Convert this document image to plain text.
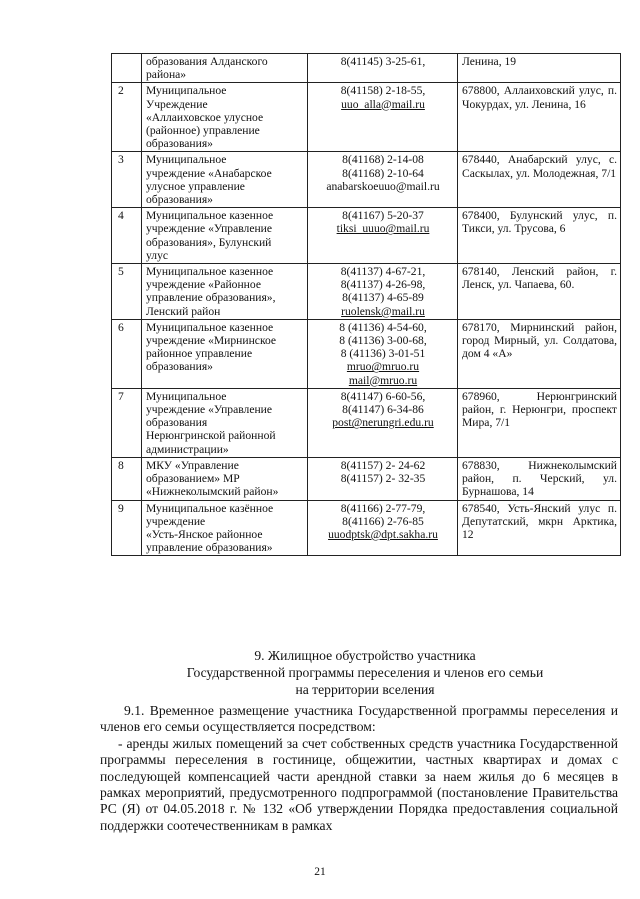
	образования Алданского
района»	8(41145) 3-25-61,	Ленина, 19
2	Муниципальное
Учреждение
«Аллаиховское улусное
(районное) управление
образования»	8(41158) 2-18-55,
uuo_alla@mail.ru	678800, Аллаиховский улус, п. Чокурдах, ул. Ленина, 16
3	Муниципальное
учреждение «Анабарское
улусное управление
образования»	8(41168) 2-14-08
8(41168) 2-10-64
anabarskoeuuo@mail.ru	678440, Анабарский улус, с. Саскылах, ул. Молодежная, 7/1
4	Муниципальное казенное
учреждение «Управление
образования», Булунский
улус	8(41167) 5-20-37
tiksi_uuuo@mail.ru	678400, Булунский улус, п. Тикси, ул. Трусова, 6
5	Муниципальное казенное
учреждение «Районное
управление образования»,
Ленский район	8(41137) 4-67-21,
8(41137) 4-26-98,
8(41137) 4-65-89
ruolensk@mail.ru	678140, Ленский район, г. Ленск, ул. Чапаева, 60.
6	Муниципальное казенное
учреждение «Мирнинское
районное управление
образования»	8 (41136) 4-54-60,
8 (41136) 3-00-68,
8 (41136) 3-01-51
mruo@mruo.ru
mail@mruo.ru	678170, Мирнинский район, город Мирный, ул. Солдатова, дом 4 «А»
7	Муниципальное
учреждение «Управление
образования
Нерюнгринской районной
администрации»	8(41147) 6-60-56,
8(41147) 6-34-86
post@nerungri.edu.ru	678960, Нерюнгринский район, г. Нерюнгри, проспект Мира, 7/1
8	МКУ «Управление
образованием» МР
«Нижнеколымский район»	8(41157) 2- 24-62
8(41157) 2- 32-35	678830, Нижнеколымский район, п. Черский, ул. Бурнашова, 14
9	Муниципальное казённое
учреждение
«Усть-Янское районное
управление образования»	8(41166) 2-77-79,
8(41166) 2-76-85
uuodptsk@dpt.sakha.ru	678540, Усть-Янский улус п. Депутатский, мкрн Арктика, 12
9. Жилищное обустройство участника
Государственной программы переселения и членов его семьи
на территории вселения

9.1. Временное размещение участника Государственной программы переселения и членов его семьи осуществляется посредством:

- аренды жилых помещений за счет собственных средств участника Государственной программы переселения в гостинице, общежитии, частных квартирах и домах с последующей компенсацией части арендной ставки за наем жилья до 6 месяцев в рамках мероприятий, предусмотренного подпрограммой (постановление Правительства РС (Я) от 04.05.2018 г. № 132 «Об утверждении Порядка предоставления социальной поддержки соотечественникам в рамках

21
